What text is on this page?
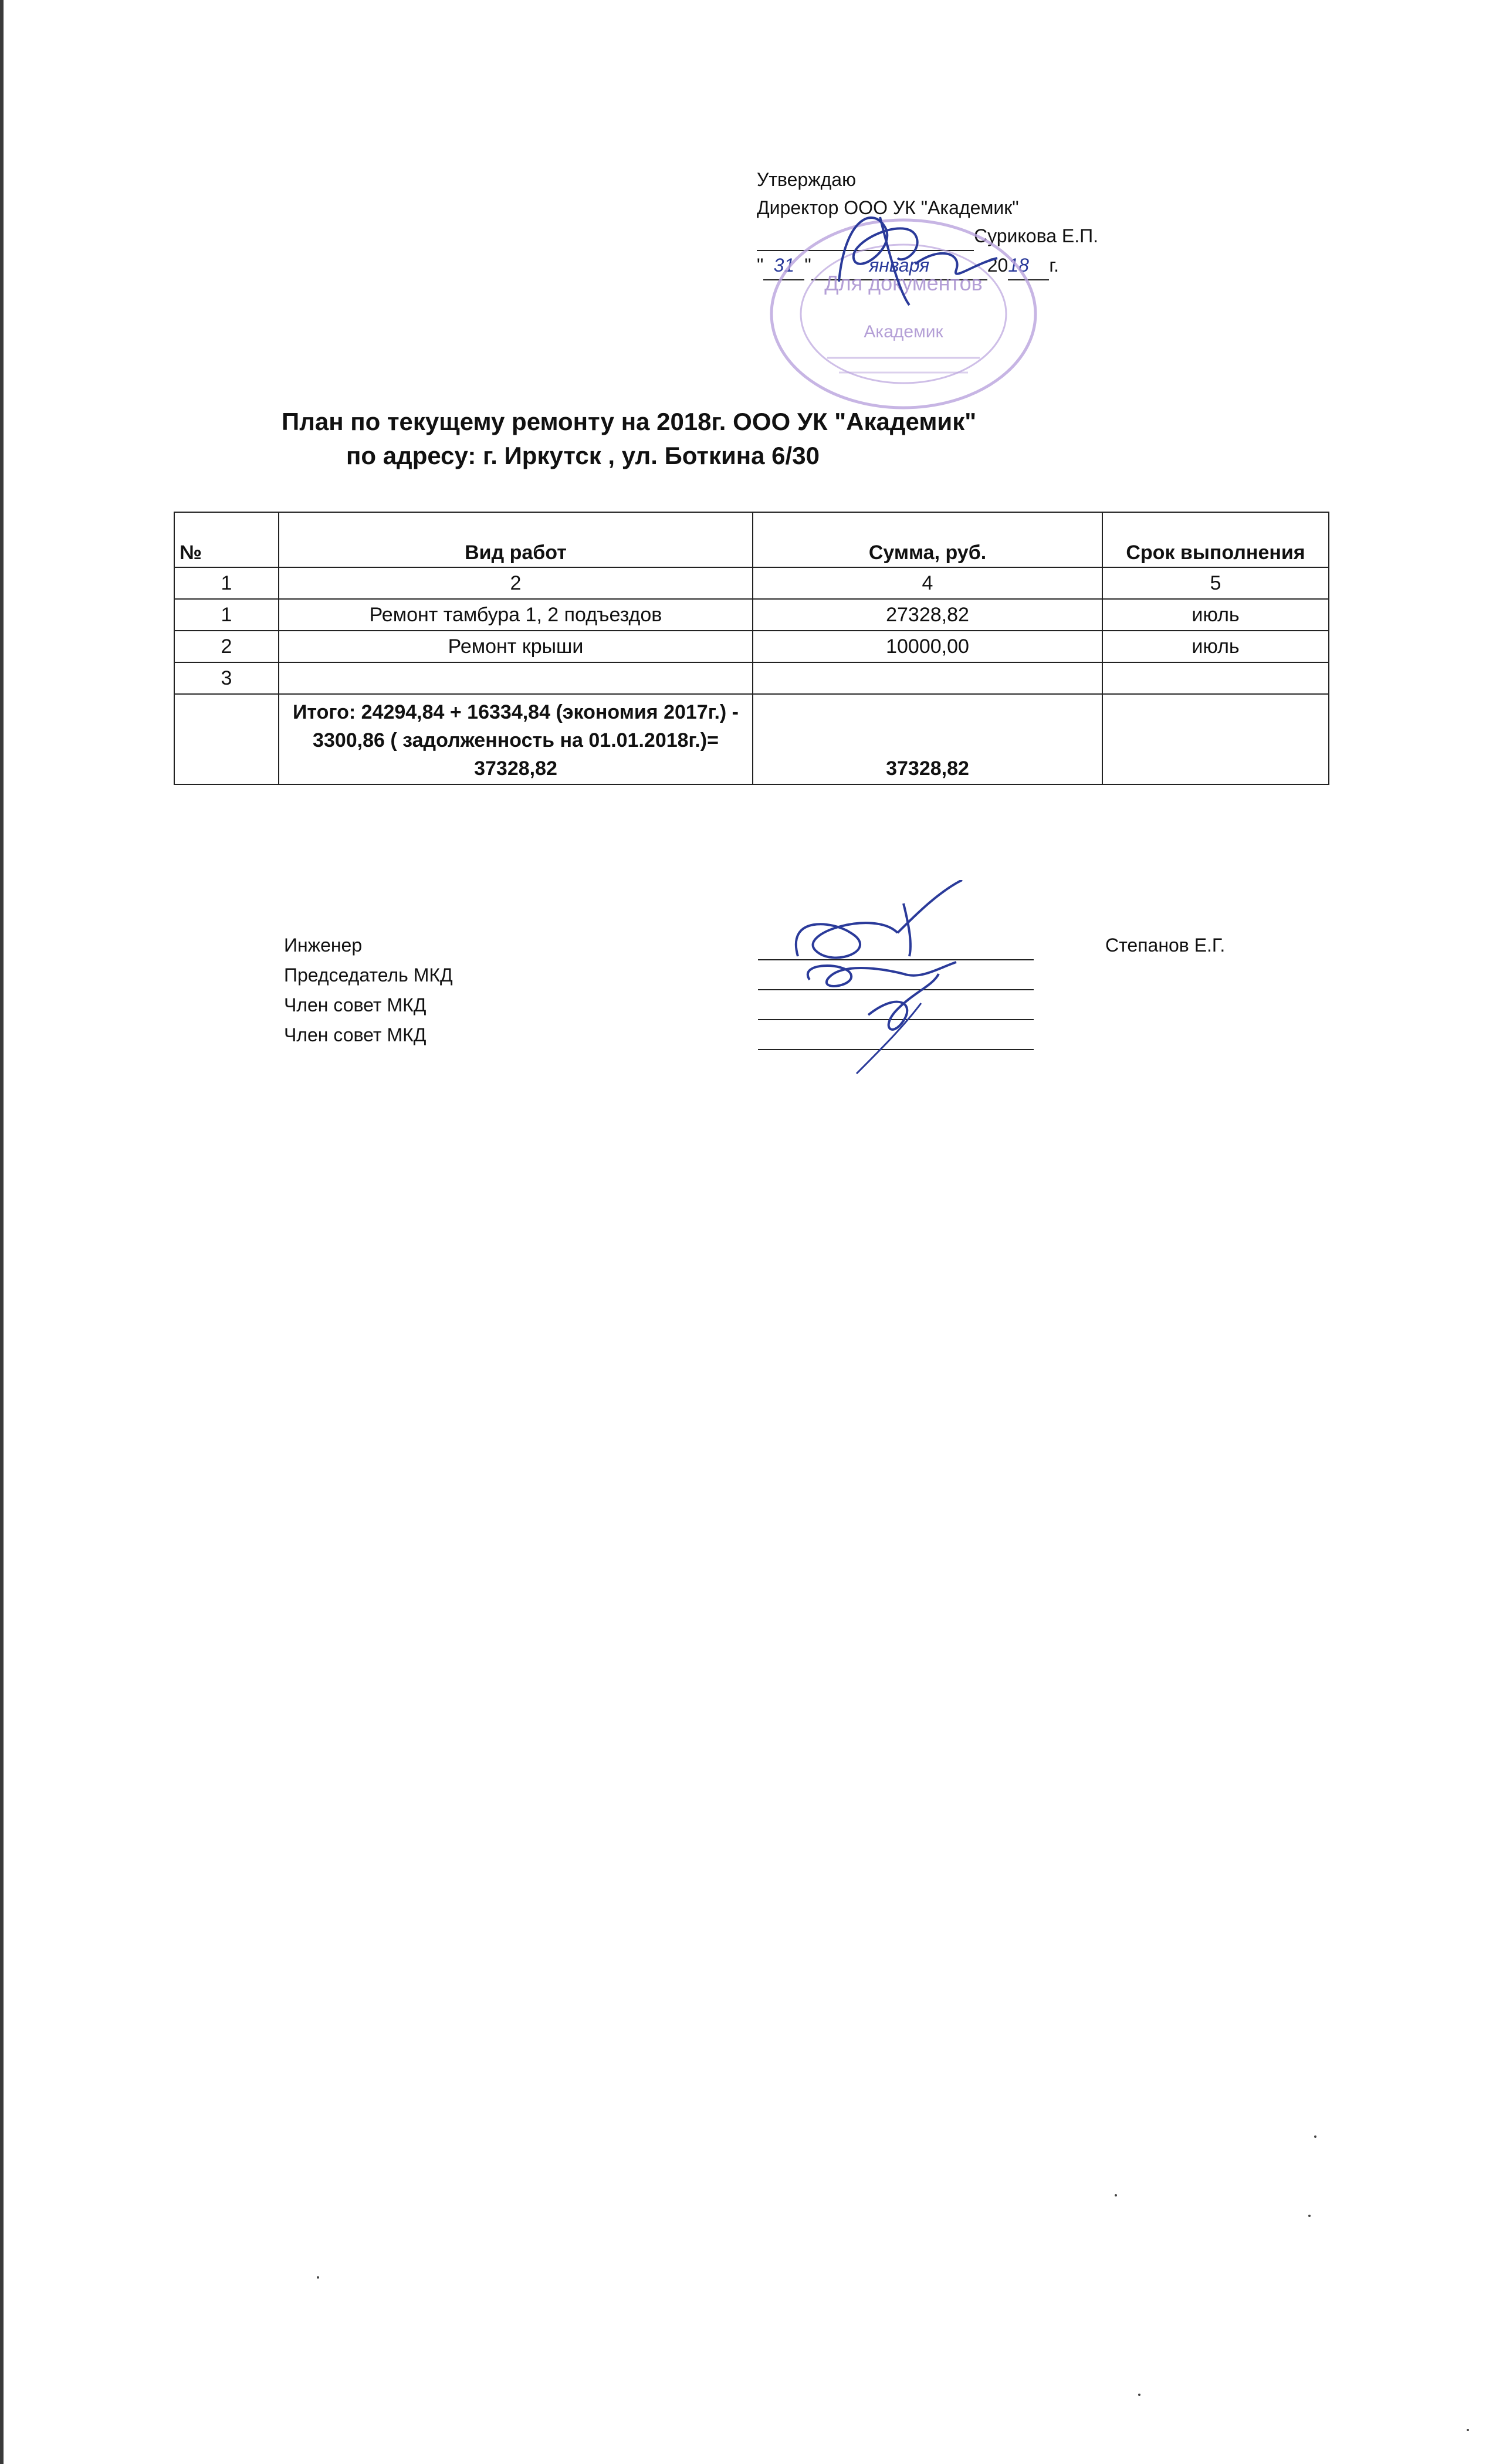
Утверждаю
Директор ООО УК "Академик"
Сурикова Е.П.
" 31 "	января	2018 г.
Для документов
Академик
План по текущему ремонту на 2018г. ООО УК "Академик"
по адресу: г. Иркутск , ул. Боткина 6/30
№	Вид работ	Сумма, руб.	Срок выполнения
1	2	4	5
1	Ремонт тамбура 1, 2 подъездов	27328,82	июль
2	Ремонт крыши	10000,00	июль
3			

	Итого: 24294,84 + 16334,84 (экономия 2017г.) -
3300,86 ( задолженность на 01.01.2018г.)=
37328,82	37328,82	
Инженер
Председатель МКД
Член совет МКД
Член совет МКД
Степанов Е.Г.
